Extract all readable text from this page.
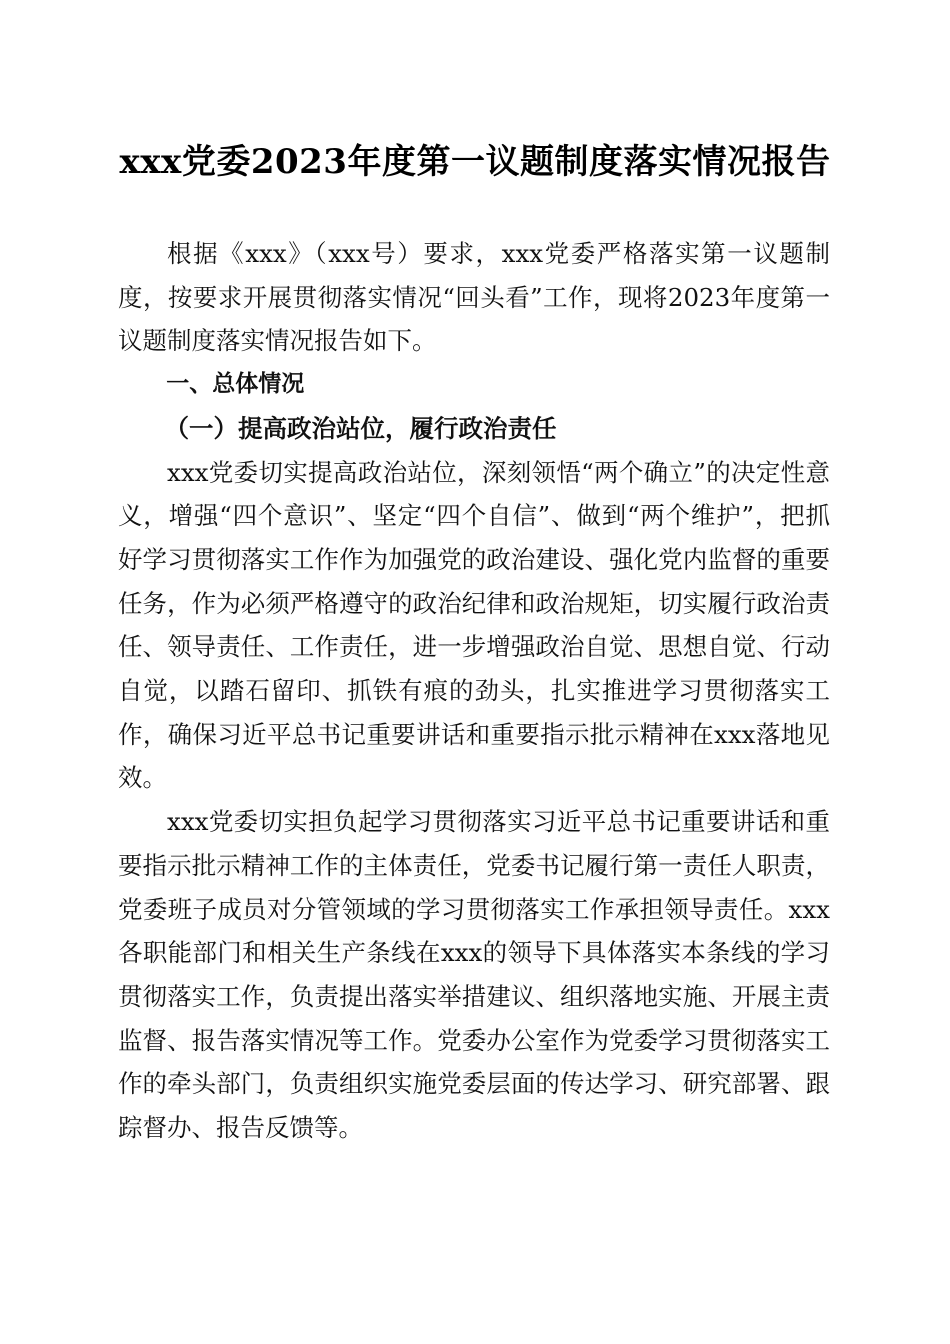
xxx党委2023年度第一议题制度落实情况报告

根据《xxx》（xxx号）要求，xxx党委严格落实第一议题制度，按要求开展贯彻落实情况“回头看”工作，现将2023年度第一议题制度落实情况报告如下。

一、总体情况

（一）提高政治站位，履行政治责任

xxx党委切实提高政治站位，深刻领悟“两个确立”的决定性意义，增强“四个意识”、坚定“四个自信”、做到“两个维护”，把抓好学习贯彻落实工作作为加强党的政治建设、强化党内监督的重要任务，作为必须严格遵守的政治纪律和政治规矩，切实履行政治责任、领导责任、工作责任，进一步增强政治自觉、思想自觉、行动自觉，以踏石留印、抓铁有痕的劲头，扎实推进学习贯彻落实工作，确保习近平总书记重要讲话和重要指示批示精神在xxx落地见效。

xxx党委切实担负起学习贯彻落实习近平总书记重要讲话和重要指示批示精神工作的主体责任，党委书记履行第一责任人职责，党委班子成员对分管领域的学习贯彻落实工作承担领导责任。xxx各职能部门和相关生产条线在xxx的领导下具体落实本条线的学习贯彻落实工作，负责提出落实举措建议、组织落地实施、开展主责监督、报告落实情况等工作。党委办公室作为党委学习贯彻落实工作的牵头部门，负责组织实施党委层面的传达学习、研究部署、跟踪督办、报告反馈等。
